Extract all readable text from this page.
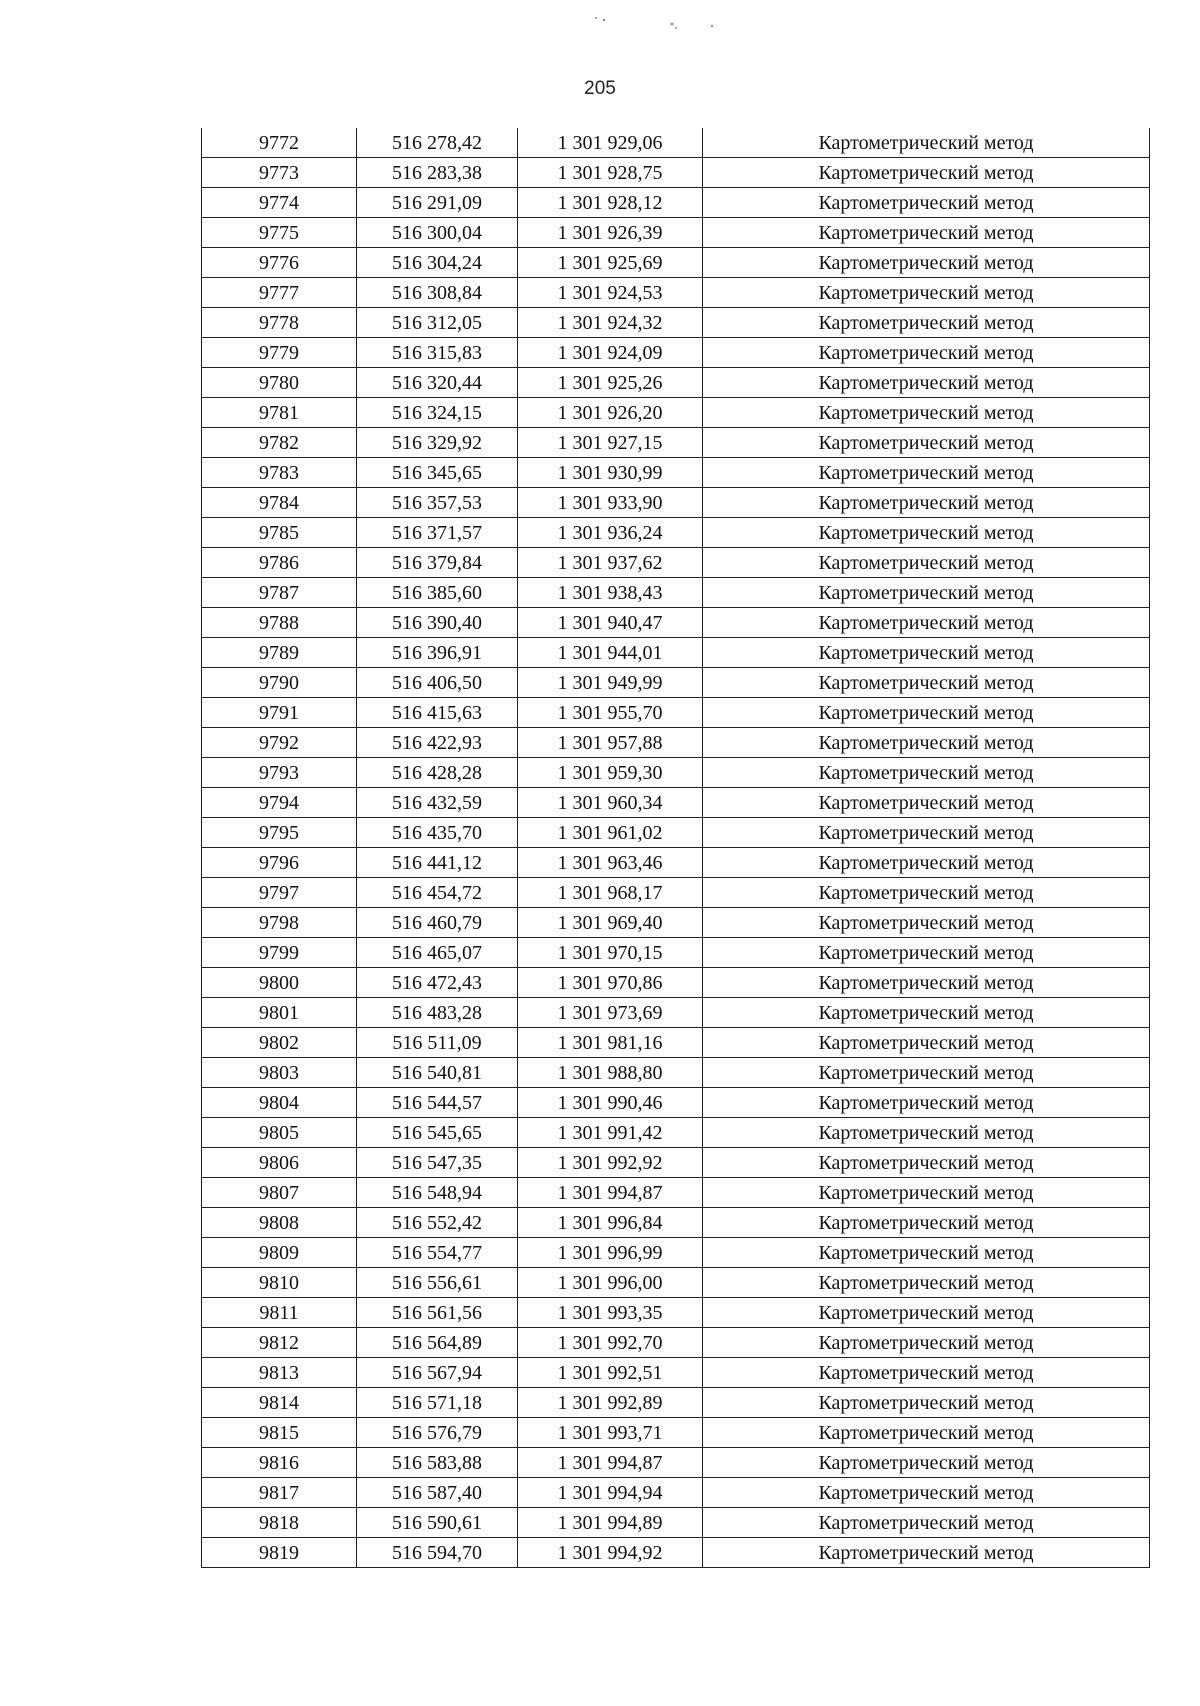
205
9772	516 278,42	1 301 929,06	Картометрический метод
9773	516 283,38	1 301 928,75	Картометрический метод
9774	516 291,09	1 301 928,12	Картометрический метод
9775	516 300,04	1 301 926,39	Картометрический метод
9776	516 304,24	1 301 925,69	Картометрический метод
9777	516 308,84	1 301 924,53	Картометрический метод
9778	516 312,05	1 301 924,32	Картометрический метод
9779	516 315,83	1 301 924,09	Картометрический метод
9780	516 320,44	1 301 925,26	Картометрический метод
9781	516 324,15	1 301 926,20	Картометрический метод
9782	516 329,92	1 301 927,15	Картометрический метод
9783	516 345,65	1 301 930,99	Картометрический метод
9784	516 357,53	1 301 933,90	Картометрический метод
9785	516 371,57	1 301 936,24	Картометрический метод
9786	516 379,84	1 301 937,62	Картометрический метод
9787	516 385,60	1 301 938,43	Картометрический метод
9788	516 390,40	1 301 940,47	Картометрический метод
9789	516 396,91	1 301 944,01	Картометрический метод
9790	516 406,50	1 301 949,99	Картометрический метод
9791	516 415,63	1 301 955,70	Картометрический метод
9792	516 422,93	1 301 957,88	Картометрический метод
9793	516 428,28	1 301 959,30	Картометрический метод
9794	516 432,59	1 301 960,34	Картометрический метод
9795	516 435,70	1 301 961,02	Картометрический метод
9796	516 441,12	1 301 963,46	Картометрический метод
9797	516 454,72	1 301 968,17	Картометрический метод
9798	516 460,79	1 301 969,40	Картометрический метод
9799	516 465,07	1 301 970,15	Картометрический метод
9800	516 472,43	1 301 970,86	Картометрический метод
9801	516 483,28	1 301 973,69	Картометрический метод
9802	516 511,09	1 301 981,16	Картометрический метод
9803	516 540,81	1 301 988,80	Картометрический метод
9804	516 544,57	1 301 990,46	Картометрический метод
9805	516 545,65	1 301 991,42	Картометрический метод
9806	516 547,35	1 301 992,92	Картометрический метод
9807	516 548,94	1 301 994,87	Картометрический метод
9808	516 552,42	1 301 996,84	Картометрический метод
9809	516 554,77	1 301 996,99	Картометрический метод
9810	516 556,61	1 301 996,00	Картометрический метод
9811	516 561,56	1 301 993,35	Картометрический метод
9812	516 564,89	1 301 992,70	Картометрический метод
9813	516 567,94	1 301 992,51	Картометрический метод
9814	516 571,18	1 301 992,89	Картометрический метод
9815	516 576,79	1 301 993,71	Картометрический метод
9816	516 583,88	1 301 994,87	Картометрический метод
9817	516 587,40	1 301 994,94	Картометрический метод
9818	516 590,61	1 301 994,89	Картометрический метод
9819	516 594,70	1 301 994,92	Картометрический метод
